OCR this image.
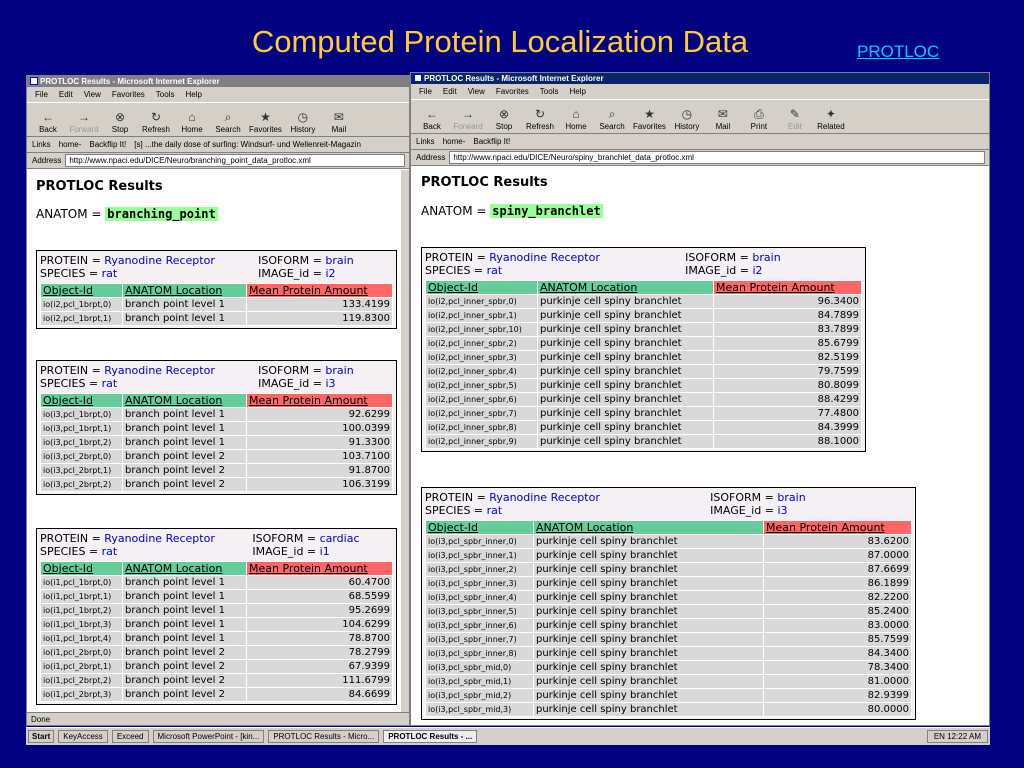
Computed Protein Localization Data	PROTLOC
PROTLOC Results - Microsoft Internet Explorer
File Edit View Favorites Tools Help
←
Back
→
Forward
⊗
Stop
↻
Refresh
⌂
Home
⌕
Search
★
Favorites
◷
History
✉
Mail
Links home- Backflip It! [s] ...the daily dose of surfing: Windsurf- und Wellenreit-Magazin
Address	http://www.npaci.edu/DICE/Neuro/branching_point_data_protloc.xml
PROTLOC Results
ANATOM = branching_point
PROTEIN = Ryanodine Receptor	ISOFORM = brain
SPECIES = rat	IMAGE_id = i2
Object-Id	ANATOM Location	Mean Protein Amount
io(i2,pcl_1brpt,0)	branch point level 1	133.4199
io(i2,pcl_1brpt,1)	branch point level 1	119.8300
PROTEIN = Ryanodine Receptor	ISOFORM = brain
SPECIES = rat	IMAGE_id = i3
Object-Id	ANATOM Location	Mean Protein Amount
io(i3,pcl_1brpt,0)	branch point level 1	92.6299
io(i3,pcl_1brpt,1)	branch point level 1	100.0399
io(i3,pcl_1brpt,2)	branch point level 1	91.3300
io(i3,pcl_2brpt,0)	branch point level 2	103.7100
io(i3,pcl_2brpt,1)	branch point level 2	91.8700
io(i3,pcl_2brpt,2)	branch point level 2	106.3199
PROTEIN = Ryanodine Receptor	ISOFORM = cardiac
SPECIES = rat	IMAGE_id = i1
Object-Id	ANATOM Location	Mean Protein Amount
io(i1,pcl_1brpt,0)	branch point level 1	60.4700
io(i1,pcl_1brpt,1)	branch point level 1	68.5599
io(i1,pcl_1brpt,2)	branch point level 1	95.2699
io(i1,pcl_1brpt,3)	branch point level 1	104.6299
io(i1,pcl_1brpt,4)	branch point level 1	78.8700
io(i1,pcl_2brpt,0)	branch point level 2	78.2799
io(i1,pcl_2brpt,1)	branch point level 2	67.9399
io(i1,pcl_2brpt,2)	branch point level 2	111.6799
io(i1,pcl_2brpt,3)	branch point level 2	84.6699
Done
PROTLOC Results - Microsoft Internet Explorer
File Edit View Favorites Tools Help
←
Back
→
Forward
⊗
Stop
↻
Refresh
⌂
Home
⌕
Search
★
Favorites
◷
History
✉
Mail
⎙
Print
✎
Edit
✦
Related
Links home- Backflip It!
Address	http://www.npaci.edu/DICE/Neuro/spiny_branchlet_data_protloc.xml
PROTLOC Results
ANATOM = spiny_branchlet
PROTEIN = Ryanodine Receptor	ISOFORM = brain
SPECIES = rat	IMAGE_id = i2
Object-Id	ANATOM Location	Mean Protein Amount
io(i2,pcl_inner_spbr,0)	purkinje cell spiny branchlet	96.3400
io(i2,pcl_inner_spbr,1)	purkinje cell spiny branchlet	84.7899
io(i2,pcl_inner_spbr,10)	purkinje cell spiny branchlet	83.7899
io(i2,pcl_inner_spbr,2)	purkinje cell spiny branchlet	85.6799
io(i2,pcl_inner_spbr,3)	purkinje cell spiny branchlet	82.5199
io(i2,pcl_inner_spbr,4)	purkinje cell spiny branchlet	79.7599
io(i2,pcl_inner_spbr,5)	purkinje cell spiny branchlet	80.8099
io(i2,pcl_inner_spbr,6)	purkinje cell spiny branchlet	88.4299
io(i2,pcl_inner_spbr,7)	purkinje cell spiny branchlet	77.4800
io(i2,pcl_inner_spbr,8)	purkinje cell spiny branchlet	84.3999
io(i2,pcl_inner_spbr,9)	purkinje cell spiny branchlet	88.1000
PROTEIN = Ryanodine Receptor	ISOFORM = brain
SPECIES = rat	IMAGE_id = i3
Object-Id	ANATOM Location	Mean Protein Amount
io(i3,pcl_spbr_inner,0)	purkinje cell spiny branchlet	83.6200
io(i3,pcl_spbr_inner,1)	purkinje cell spiny branchlet	87.0000
io(i3,pcl_spbr_inner,2)	purkinje cell spiny branchlet	87.6699
io(i3,pcl_spbr_inner,3)	purkinje cell spiny branchlet	86.1899
io(i3,pcl_spbr_inner,4)	purkinje cell spiny branchlet	82.2200
io(i3,pcl_spbr_inner,5)	purkinje cell spiny branchlet	85.2400
io(i3,pcl_spbr_inner,6)	purkinje cell spiny branchlet	83.0000
io(i3,pcl_spbr_inner,7)	purkinje cell spiny branchlet	85.7599
io(i3,pcl_spbr_inner,8)	purkinje cell spiny branchlet	84.3400
io(i3,pcl_spbr_mid,0)	purkinje cell spiny branchlet	78.3400
io(i3,pcl_spbr_mid,1)	purkinje cell spiny branchlet	81.0000
io(i3,pcl_spbr_mid,2)	purkinje cell spiny branchlet	82.9399
io(i3,pcl_spbr_mid,3)	purkinje cell spiny branchlet	80.0000
Start	KeyAccess	Exceed	Microsoft PowerPoint - [kin...	PROTLOC Results - Micro...	PROTLOC Results - ...	EN 12:22 AM
